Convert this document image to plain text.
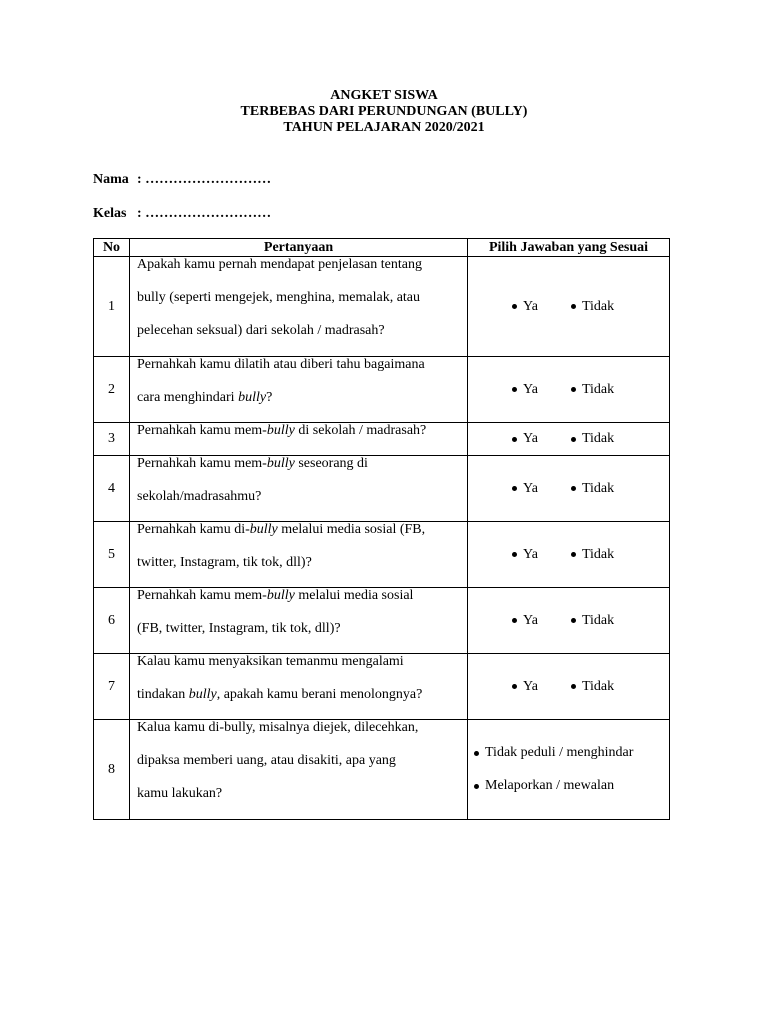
ANGKET SISWA
TERBEBAS DARI PERUNDUNGAN (BULLY)
TAHUN PELAJARAN 2020/2021
Nama : ………………………
Kelas : ………………………
No	Pertanyaan	Pilih Jawaban yang Sesuai
1	Apakah kamu pernah mendapat penjelasan tentang
bully (seperti mengejek, menghina, memalak, atau
pelecehan seksual) dari sekolah / madrasah?	Ya Tidak

2	Pernahkah kamu dilatih atau diberi tahu bagaimana
cara menghindari bully?	Ya Tidak

3	Pernahkah kamu mem-bully di sekolah / madrasah?	Ya Tidak

4	Pernahkah kamu mem-bully seseorang di
sekolah/madrasahmu?	Ya Tidak

5	Pernahkah kamu di-bully melalui media sosial (FB,
twitter, Instagram, tik tok, dll)?	Ya Tidak

6	Pernahkah kamu mem-bully melalui media sosial
(FB, twitter, Instagram, tik tok, dll)?	Ya Tidak

7	Kalau kamu menyaksikan temanmu mengalami
tindakan bully, apakah kamu berani menolongnya?	Ya Tidak

8	Kalua kamu di-bully, misalnya diejek, dilecehkan,
dipaksa memberi uang, atau disakiti, apa yang
kamu lakukan?	Tidak peduli / menghindar
Melaporkan / mewalan
